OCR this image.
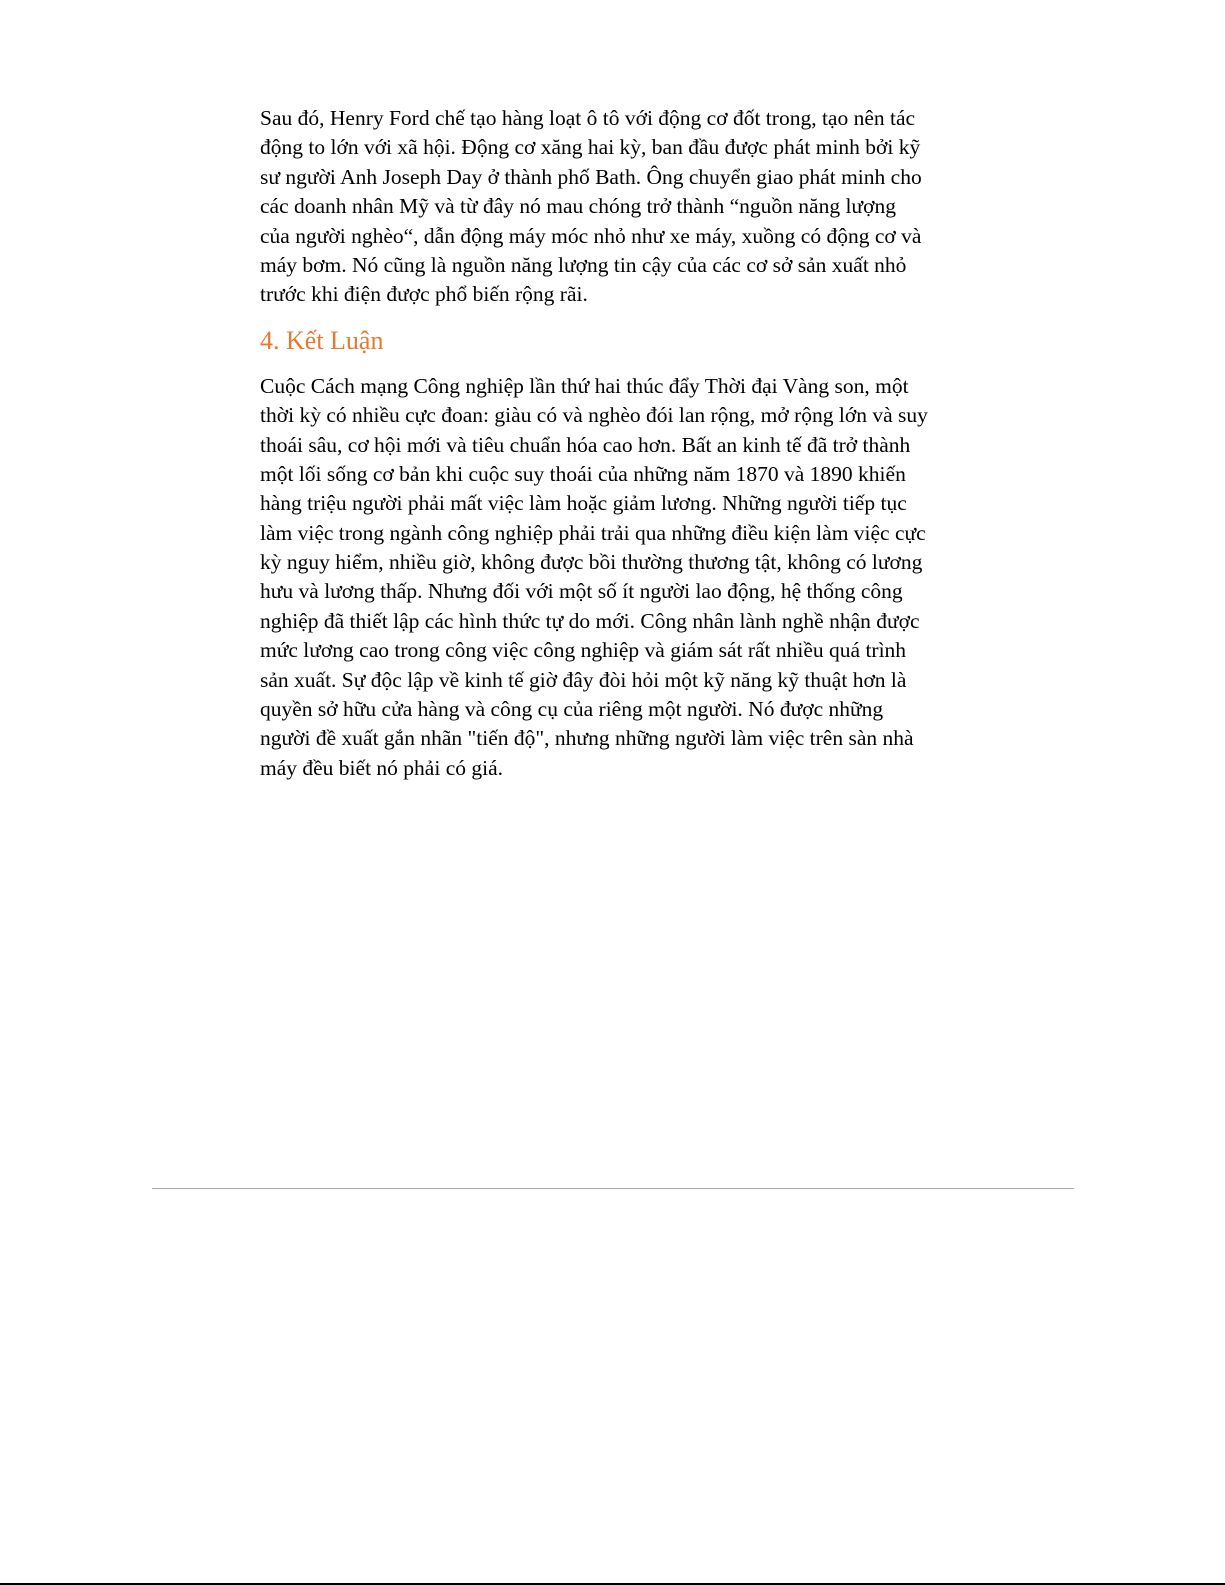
Sau đó, Henry Ford chế tạo hàng loạt ô tô với động cơ đốt trong, tạo nên tác
động to lớn với xã hội. Động cơ xăng hai kỳ, ban đầu được phát minh bởi kỹ
sư người Anh Joseph Day ở thành phố Bath. Ông chuyển giao phát minh cho
các doanh nhân Mỹ và từ đây nó mau chóng trở thành “nguồn năng lượng
của người nghèo“, dẫn động máy móc nhỏ như xe máy, xuồng có động cơ và
máy bơm. Nó cũng là nguồn năng lượng tin cậy của các cơ sở sản xuất nhỏ
trước khi điện được phổ biến rộng rãi.

4. Kết Luận

Cuộc Cách mạng Công nghiệp lần thứ hai thúc đẩy Thời đại Vàng son, một
thời kỳ có nhiều cực đoan: giàu có và nghèo đói lan rộng, mở rộng lớn và suy
thoái sâu, cơ hội mới và tiêu chuẩn hóa cao hơn. Bất an kinh tế đã trở thành
một lối sống cơ bản khi cuộc suy thoái của những năm 1870 và 1890 khiến
hàng triệu người phải mất việc làm hoặc giảm lương. Những người tiếp tục
làm việc trong ngành công nghiệp phải trải qua những điều kiện làm việc cực
kỳ nguy hiểm, nhiều giờ, không được bồi thường thương tật, không có lương
hưu và lương thấp. Nhưng đối với một số ít người lao động, hệ thống công
nghiệp đã thiết lập các hình thức tự do mới. Công nhân lành nghề nhận được
mức lương cao trong công việc công nghiệp và giám sát rất nhiều quá trình
sản xuất. Sự độc lập về kinh tế giờ đây đòi hỏi một kỹ năng kỹ thuật hơn là
quyền sở hữu cửa hàng và công cụ của riêng một người. Nó được những
người đề xuất gắn nhãn "tiến độ", nhưng những người làm việc trên sàn nhà
máy đều biết nó phải có giá.
